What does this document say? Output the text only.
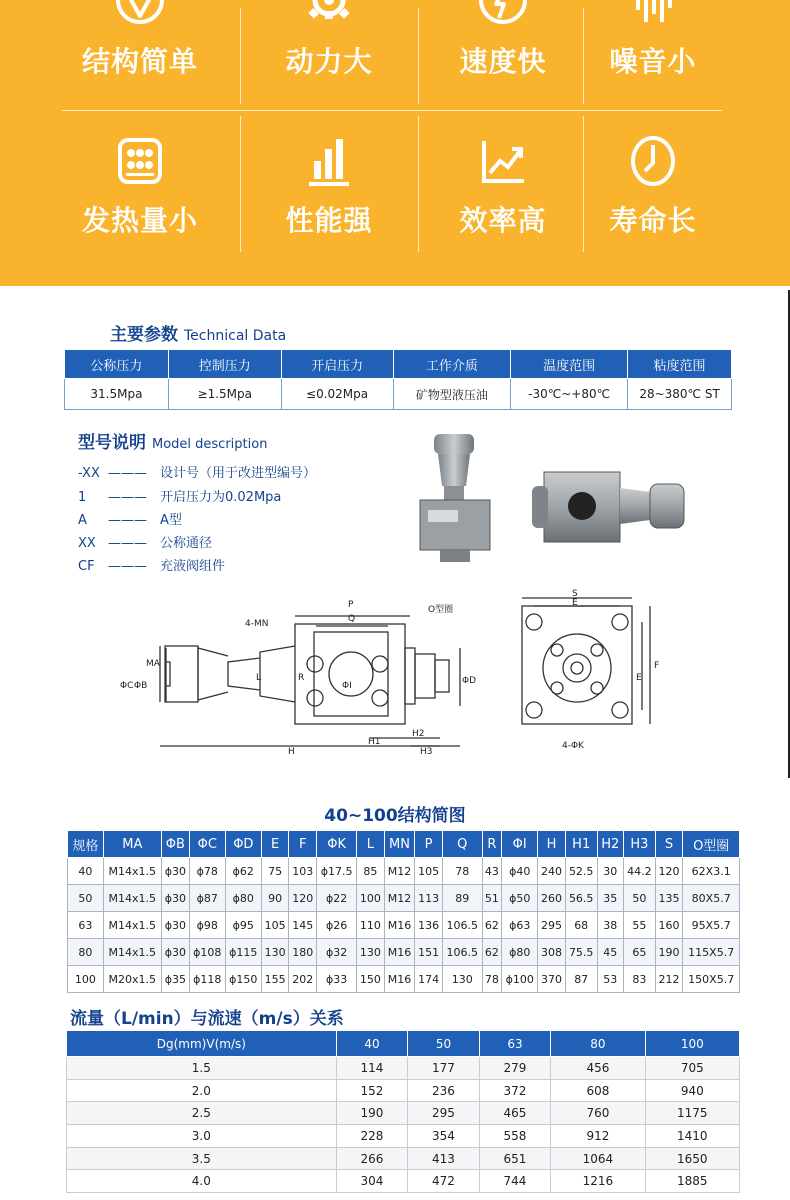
结构简单	动力大	速度快	噪音小
发热量小	性能强	效率高	寿命长
主要参数 Technical Data
公称压力	控制压力	开启压力	工作介质	温度范围	粘度范围
31.5Mpa	≥1.5Mpa	≤0.02Mpa	矿物型液压油	-30℃~+80℃	28~380℃ ST
型号说明 Model description
-XX ——— 设计号（用于改进型编号）
1 ——— 开启压力为0.02Mpa
A ——— A型
XX ——— 公称通径
CF ——— 充液阀组件
4-MN
P
Q
O型圈
R
ΦI	ΦD
MA
ΦC ΦB
L
H
H1
H2
H3
S
E
F
E
4-ΦK
40~100结构简图
规格	MA	ΦB	ΦC	ΦD	E	F	ΦK	L	MN	P	Q	R	ΦI	H	H1	H2	H3	S	O型圈
40	M14x1.5	ϕ30	ϕ78	ϕ62	75	103	ϕ17.5	85	M12	105	78	43	ϕ40	240	52.5	30	44.2	120	62X3.1
50	M14x1.5	ϕ30	ϕ87	ϕ80	90	120	ϕ22	100	M12	113	89	51	ϕ50	260	56.5	35	50	135	80X5.7
63	M14x1.5	ϕ30	ϕ98	ϕ95	105	145	ϕ26	110	M16	136	106.5	62	ϕ63	295	68	38	55	160	95X5.7
80	M14x1.5	ϕ30	ϕ108	ϕ115	130	180	ϕ32	130	M16	151	106.5	62	ϕ80	308	75.5	45	65	190	115X5.7
100	M20x1.5	ϕ35	ϕ118	ϕ150	155	202	ϕ33	150	M16	174	130	78	ϕ100	370	87	53	83	212	150X5.7
流量（L/min）与流速（m/s）关系
Dg(mm)V(m/s)	40	50	63	80	100
1.5	114	177	279	456	705
2.0	152	236	372	608	940
2.5	190	295	465	760	1175
3.0	228	354	558	912	1410
3.5	266	413	651	1064	1650
4.0	304	472	744	1216	1885
